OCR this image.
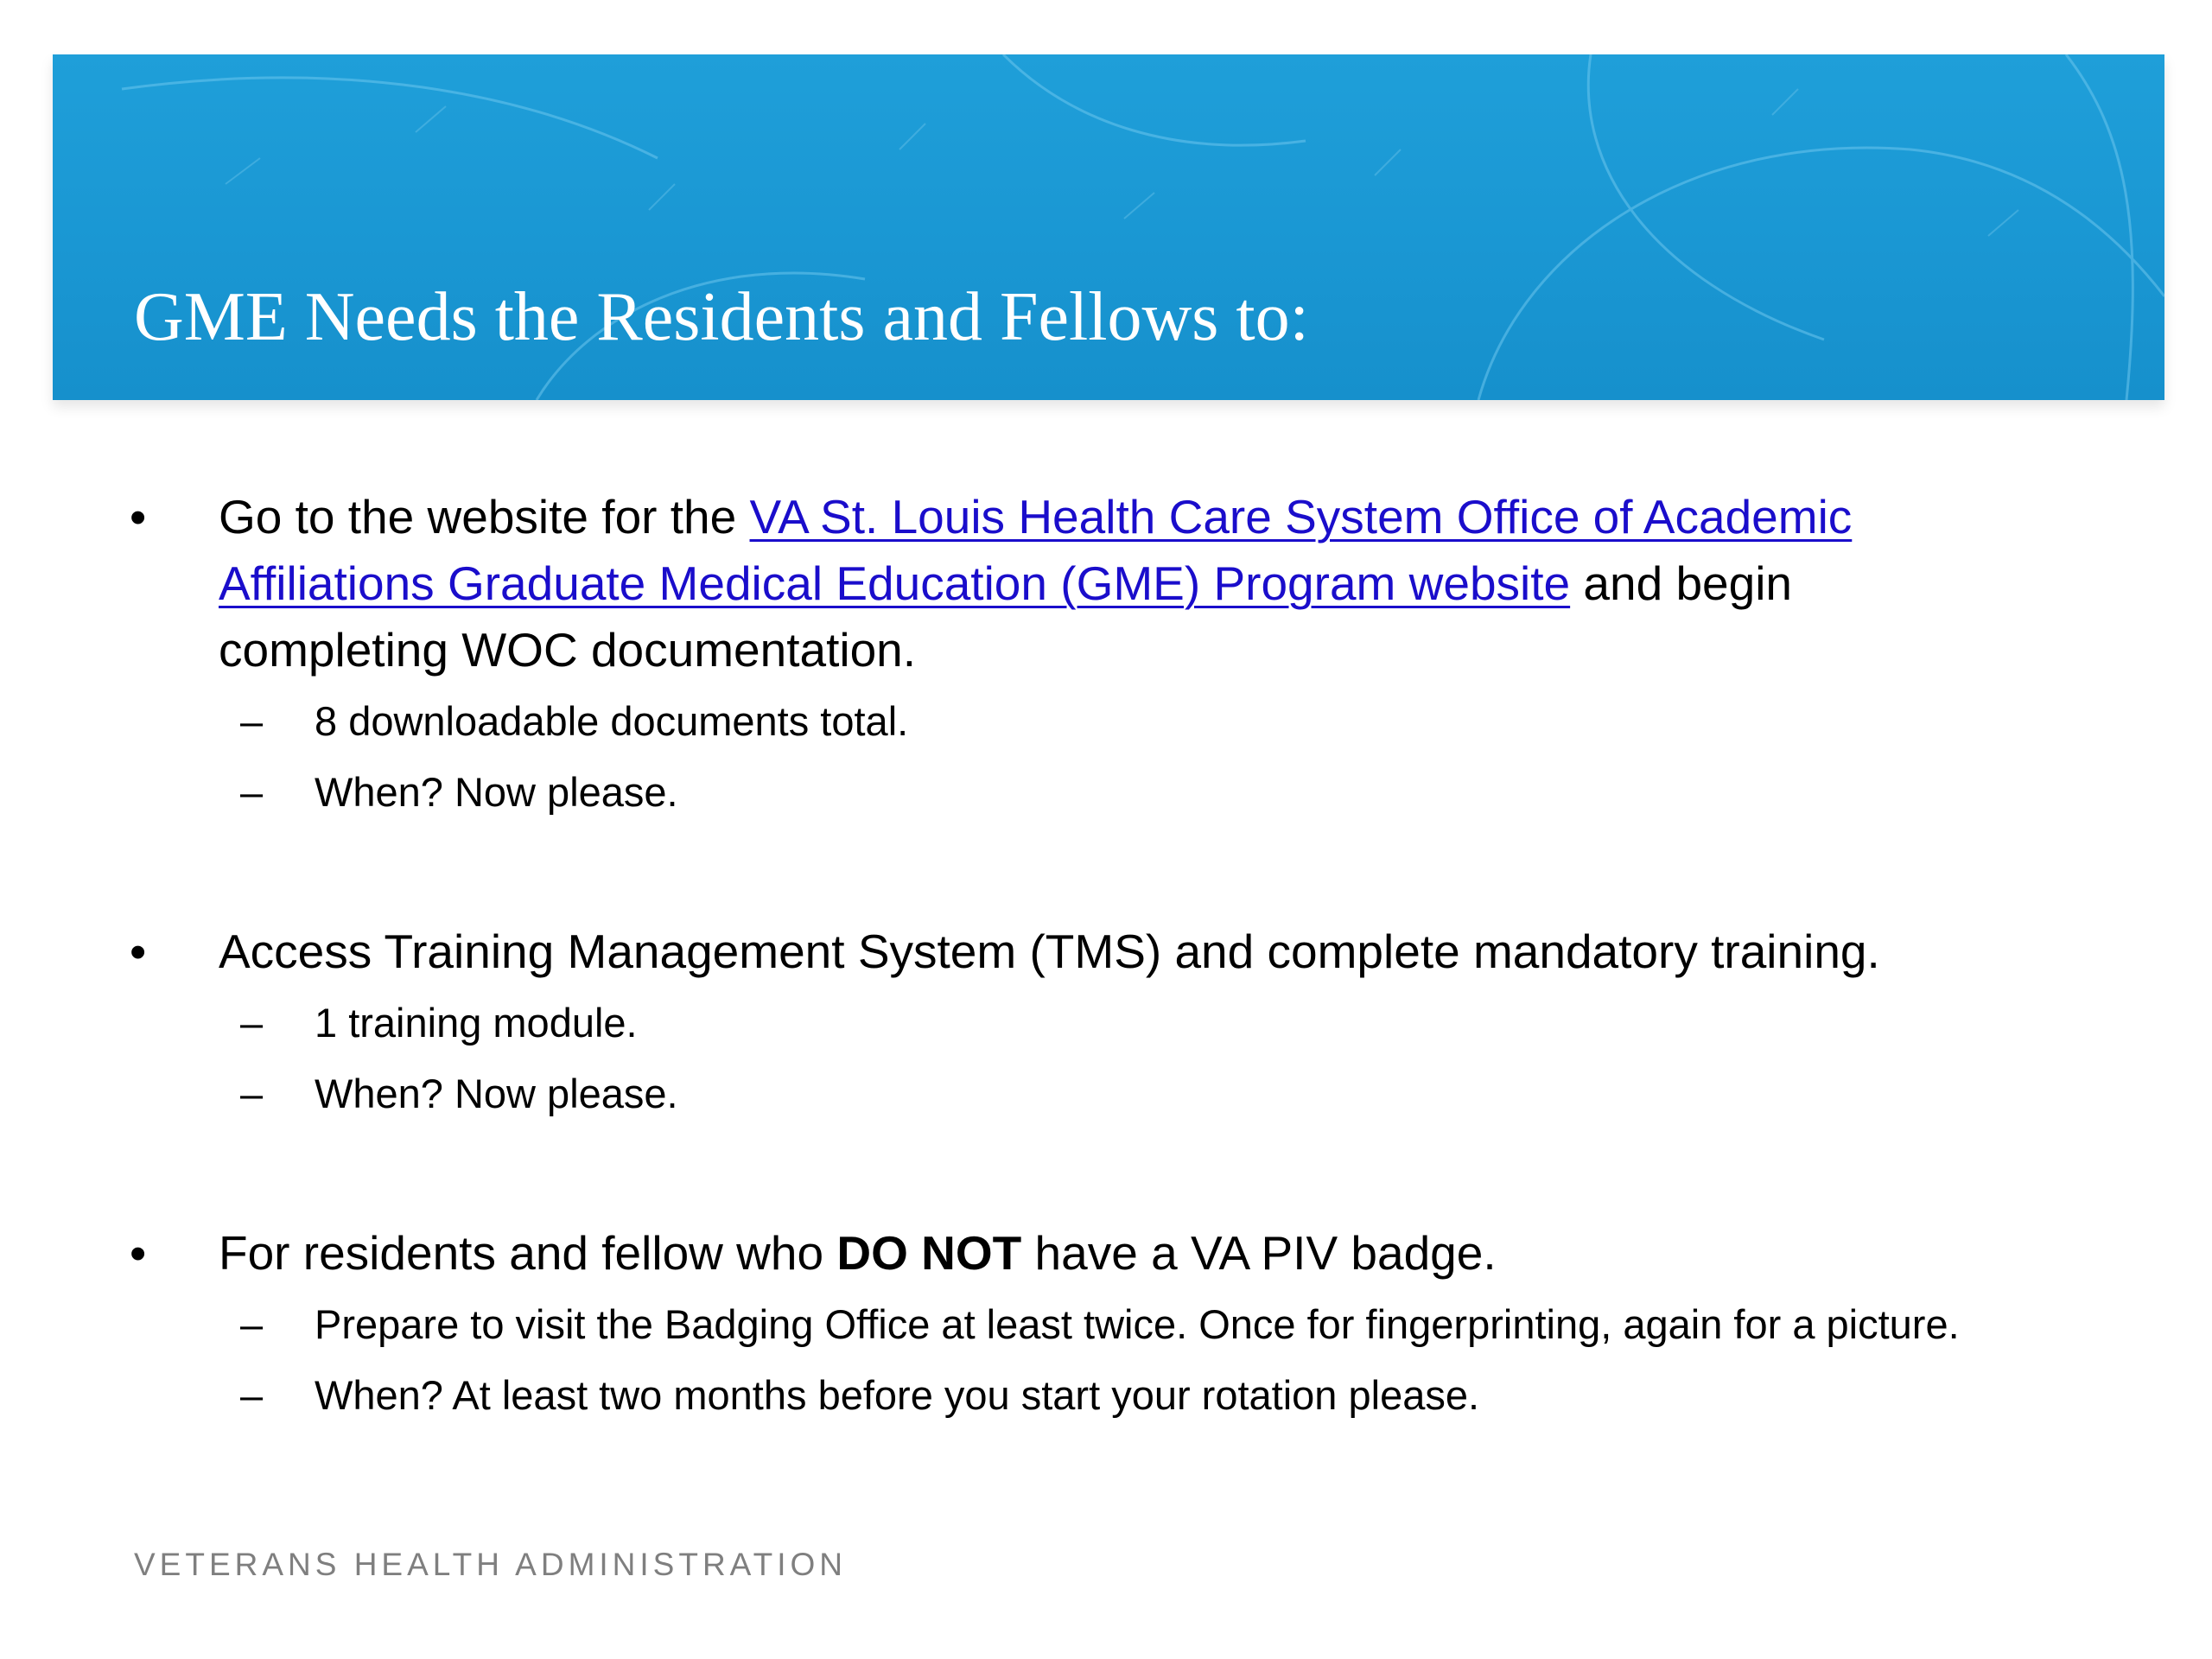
GME Needs the Residents and Fellows to:
•	Go to the website for the VA St. Louis Health Care System Office of Academic Affiliations Graduate Medical Education (GME) Program website and begin completing WOC documentation.
– 8 downloadable documents total.
– When? Now please.
•	Access Training Management System (TMS) and complete mandatory training.
– 1 training module.
– When? Now please.
•	For residents and fellow who DO NOT have a VA PIV badge.
– Prepare to visit the Badging Office at least twice. Once for fingerprinting, again for a picture.
– When? At least two months before you start your rotation please.
VETERANS HEALTH ADMINISTRATION
